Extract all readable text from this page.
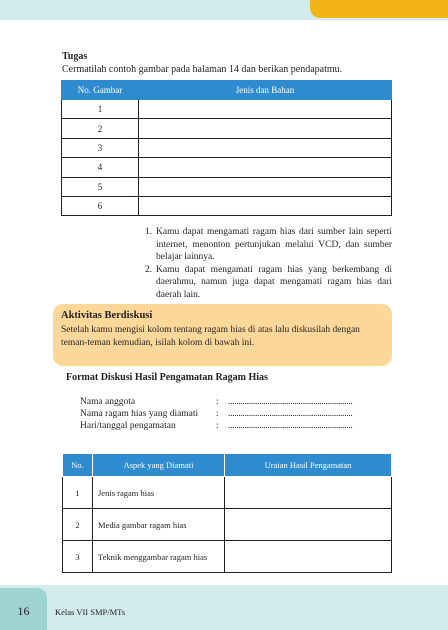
Tugas
Cermatilah contoh gambar pada halaman 14 dan berikan pendapatmu.
No. Gambar	Jenis dan Bahan
1	
2	
3	
4	
5	
6	
1. Kamu dapat mengamati ragam hias dari sumber lain seperti internet, menonton pertunjukan melalui VCD, dan sumber belajar lainnya.
2. Kamu dapat mengamati ragam hias yang berkembang di daerahmu, namun juga dapat mengamati ragam hias dari daerah lain.
Aktivitas Berdiskusi
Setelah kamu mengisi kolom tentang ragam hias di atas lalu diskusilah dengan teman-teman kemudian, isilah kolom di bawah ini.
Format Diskusi Hasil Pengamatan Ragam Hias
Nama anggota	: ............................................................
Nama ragam hias yang diamati	: ............................................................
Hari/tanggal pengamatan	: ............................................................
No.	Aspek yang Diamati	Uraian Hasil Pengamatan
1	Jenis ragam hias	
2	Media gambar ragam hias	
3	Teknik menggambar ragam hias	
16	Kelas VII SMP/MTs
